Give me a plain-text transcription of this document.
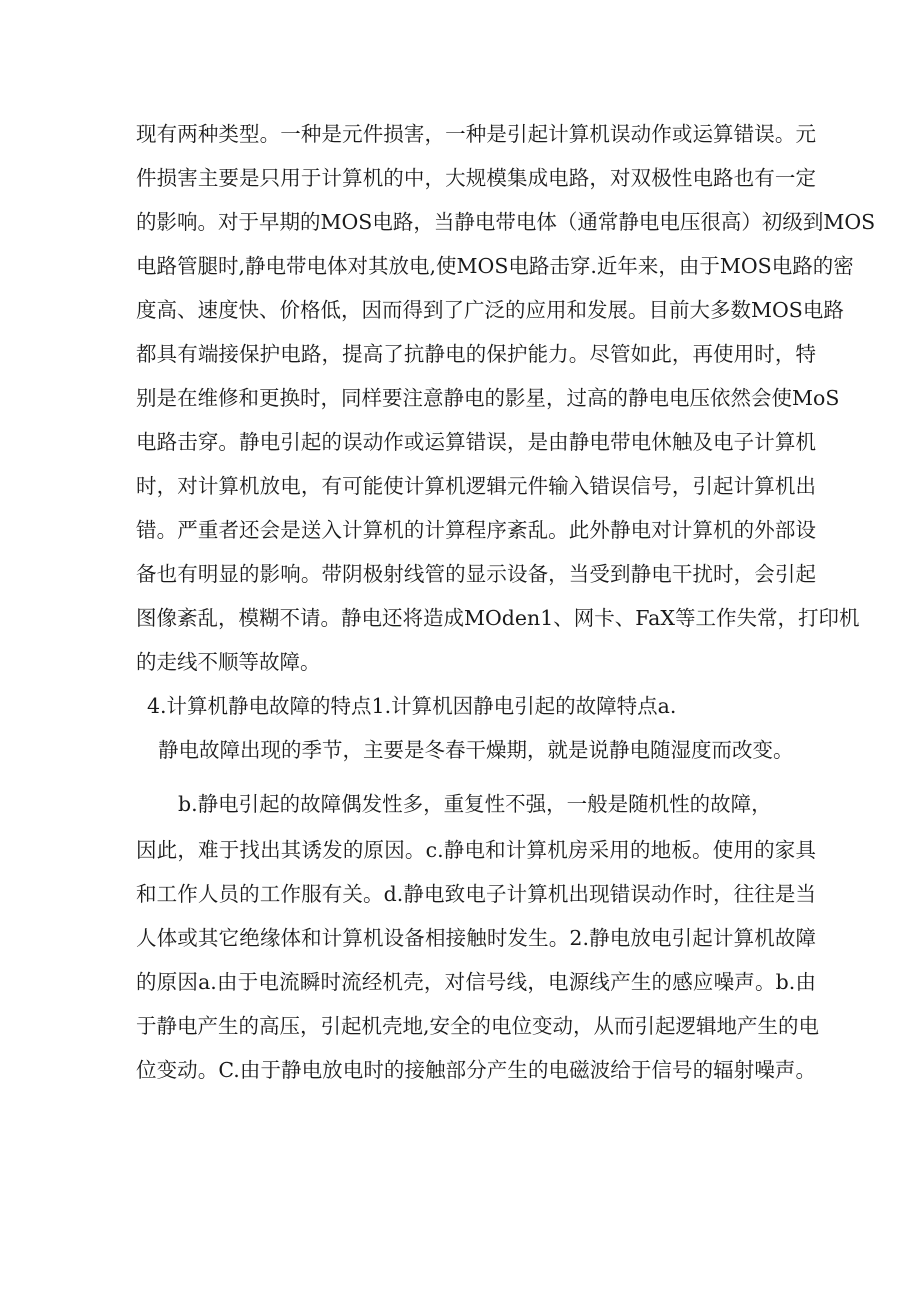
现有两种类型。一种是元件损害，一种是引起计算机误动作或运算错误。元
件损害主要是只用于计算机的中，大规模集成电路，对双极性电路也有一定
的影响。对于早期的MOS电路，当静电带电体（通常静电电压很高）初级到MOS
电路管腿时,静电带电体对其放电,使MOS电路击穿.近年来，由于MOS电路的密
度高、速度快、价格低，因而得到了广泛的应用和发展。目前大多数MOS电路
都具有端接保护电路，提高了抗静电的保护能力。尽管如此，再使用时，特
别是在维修和更换时，同样要注意静电的影星，过高的静电电压依然会使MoS
电路击穿。静电引起的误动作或运算错误，是由静电带电休触及电子计算机
时，对计算机放电，有可能使计算机逻辑元件输入错误信号，引起计算机出
错。严重者还会是送入计算机的计算程序紊乱。此外静电对计算机的外部设
备也有明显的影响。带阴极射线管的显示设备，当受到静电干扰时，会引起
图像紊乱，模糊不请。静电还将造成MOden1、网卡、FaX等工作失常，打印机
的走线不顺等故障。
4.计算机静电故障的特点1.计算机因静电引起的故障特点a.
静电故障出现的季节，主要是冬春干燥期，就是说静电随湿度而改变。
b.静电引起的故障偶发性多，重复性不强，一般是随机性的故障，
因此，难于找出其诱发的原因。c.静电和计算机房采用的地板。使用的家具
和工作人员的工作服有关。d.静电致电子计算机出现错误动作时，往往是当
人体或其它绝缘体和计算机设备相接触时发生。2.静电放电引起计算机故障
的原因a.由于电流瞬时流经机壳，对信号线，电源线产生的感应噪声。b.由
于静电产生的高压，引起机壳地,安全的电位变动，从而引起逻辑地产生的电
位变动。C.由于静电放电时的接触部分产生的电磁波给于信号的辐射噪声。
